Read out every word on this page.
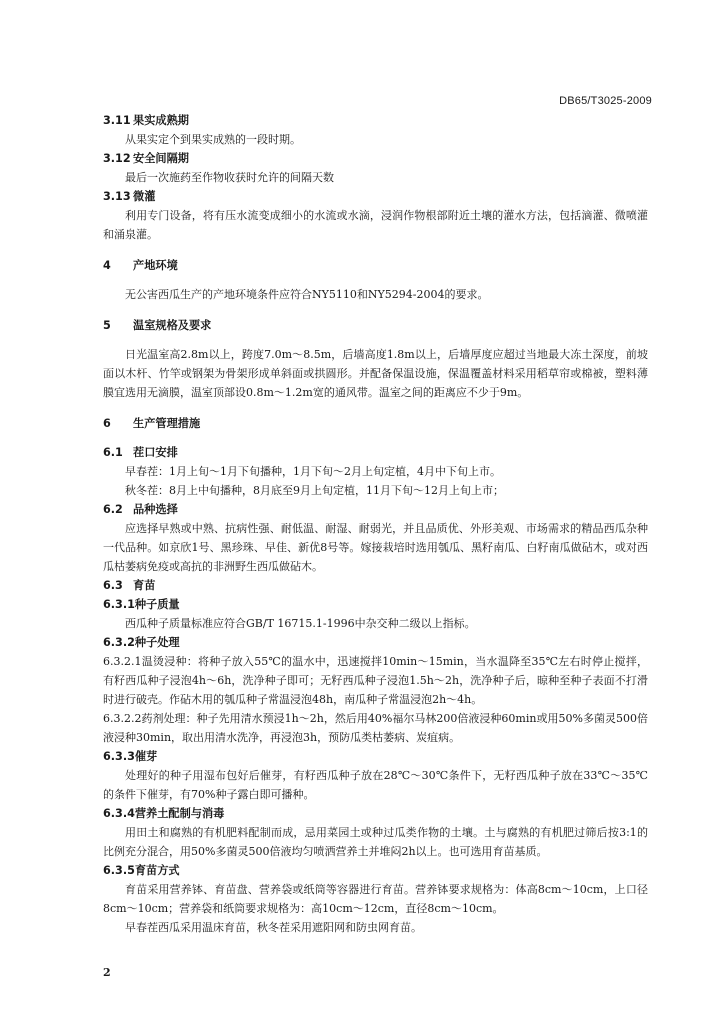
DB65/T3025-2009
3.11 果实成熟期
从果实定个到果实成熟的一段时期。
3.12 安全间隔期
最后一次施药至作物收获时允许的间隔天数
3.13 微灌
利用专门设备，将有压水流变成细小的水流或水滴，浸润作物根部附近土壤的灌水方法，包括滴灌、微喷灌和涌泉灌。
4 产地环境
无公害西瓜生产的产地环境条件应符合NY5110和NY5294-2004的要求。
5 温室规格及要求
日光温室高2.8m以上，跨度7.0m～8.5m，后墙高度1.8m以上，后墙厚度应超过当地最大冻土深度，前坡面以木杆、竹竿或钢架为骨架形成单斜面或拱圆形。并配备保温设施，保温覆盖材料采用稻草帘或棉被，塑料薄膜宜选用无滴膜，温室顶部设0.8m～1.2m宽的通风带。温室之间的距离应不少于9m。
6 生产管理措施
6.1 茬口安排
早春茬：1月上旬～1月下旬播种，1月下旬～2月上旬定植，4月中下旬上市。
秋冬茬：8月上中旬播种，8月底至9月上旬定植，11月下旬～12月上旬上市；
6.2 品种选择
应选择早熟或中熟、抗病性强、耐低温、耐湿、耐弱光，并且品质优、外形美观、市场需求的精品西瓜杂种一代品种。如京欣1号、黑珍珠、早佳、新优8号等。嫁接栽培时选用瓠瓜、黑籽南瓜、白籽南瓜做砧木，或对西瓜枯萎病免疫或高抗的非洲野生西瓜做砧木。
6.3 育苗
6.3.1种子质量
西瓜种子质量标准应符合GB/T 16715.1-1996中杂交种二级以上指标。
6.3.2种子处理
6.3.2.1温烫浸种：将种子放入55℃的温水中，迅速搅拌10min～15min，当水温降至35℃左右时停止搅拌，有籽西瓜种子浸泡4h～6h，洗净种子即可；无籽西瓜种子浸泡1.5h～2h，洗净种子后，晾种至种子表面不打滑时进行破壳。作砧木用的瓠瓜种子常温浸泡48h，南瓜种子常温浸泡2h～4h。
6.3.2.2药剂处理：种子先用清水预浸1h～2h，然后用40%福尔马林200倍液浸种60min或用50%多菌灵500倍液浸种30min，取出用清水洗净，再浸泡3h，预防瓜类枯萎病、炭疽病。
6.3.3催芽
处理好的种子用湿布包好后催芽，有籽西瓜种子放在28℃～30℃条件下，无籽西瓜种子放在33℃～35℃的条件下催芽，有70%种子露白即可播种。
6.3.4营养土配制与消毒
用田土和腐熟的有机肥料配制而成，忌用菜园土或种过瓜类作物的土壤。土与腐熟的有机肥过筛后按3:1的比例充分混合，用50%多菌灵500倍液均匀喷洒营养土并堆闷2h以上。也可选用育苗基质。
6.3.5育苗方式
育苗采用营养钵、育苗盘、营养袋或纸筒等容器进行育苗。营养钵要求规格为：体高8cm～10cm，上口径8cm～10cm；营养袋和纸筒要求规格为：高10cm～12cm，直径8cm～10cm。
早春茬西瓜采用温床育苗，秋冬茬采用遮阳网和防虫网育苗。
2
